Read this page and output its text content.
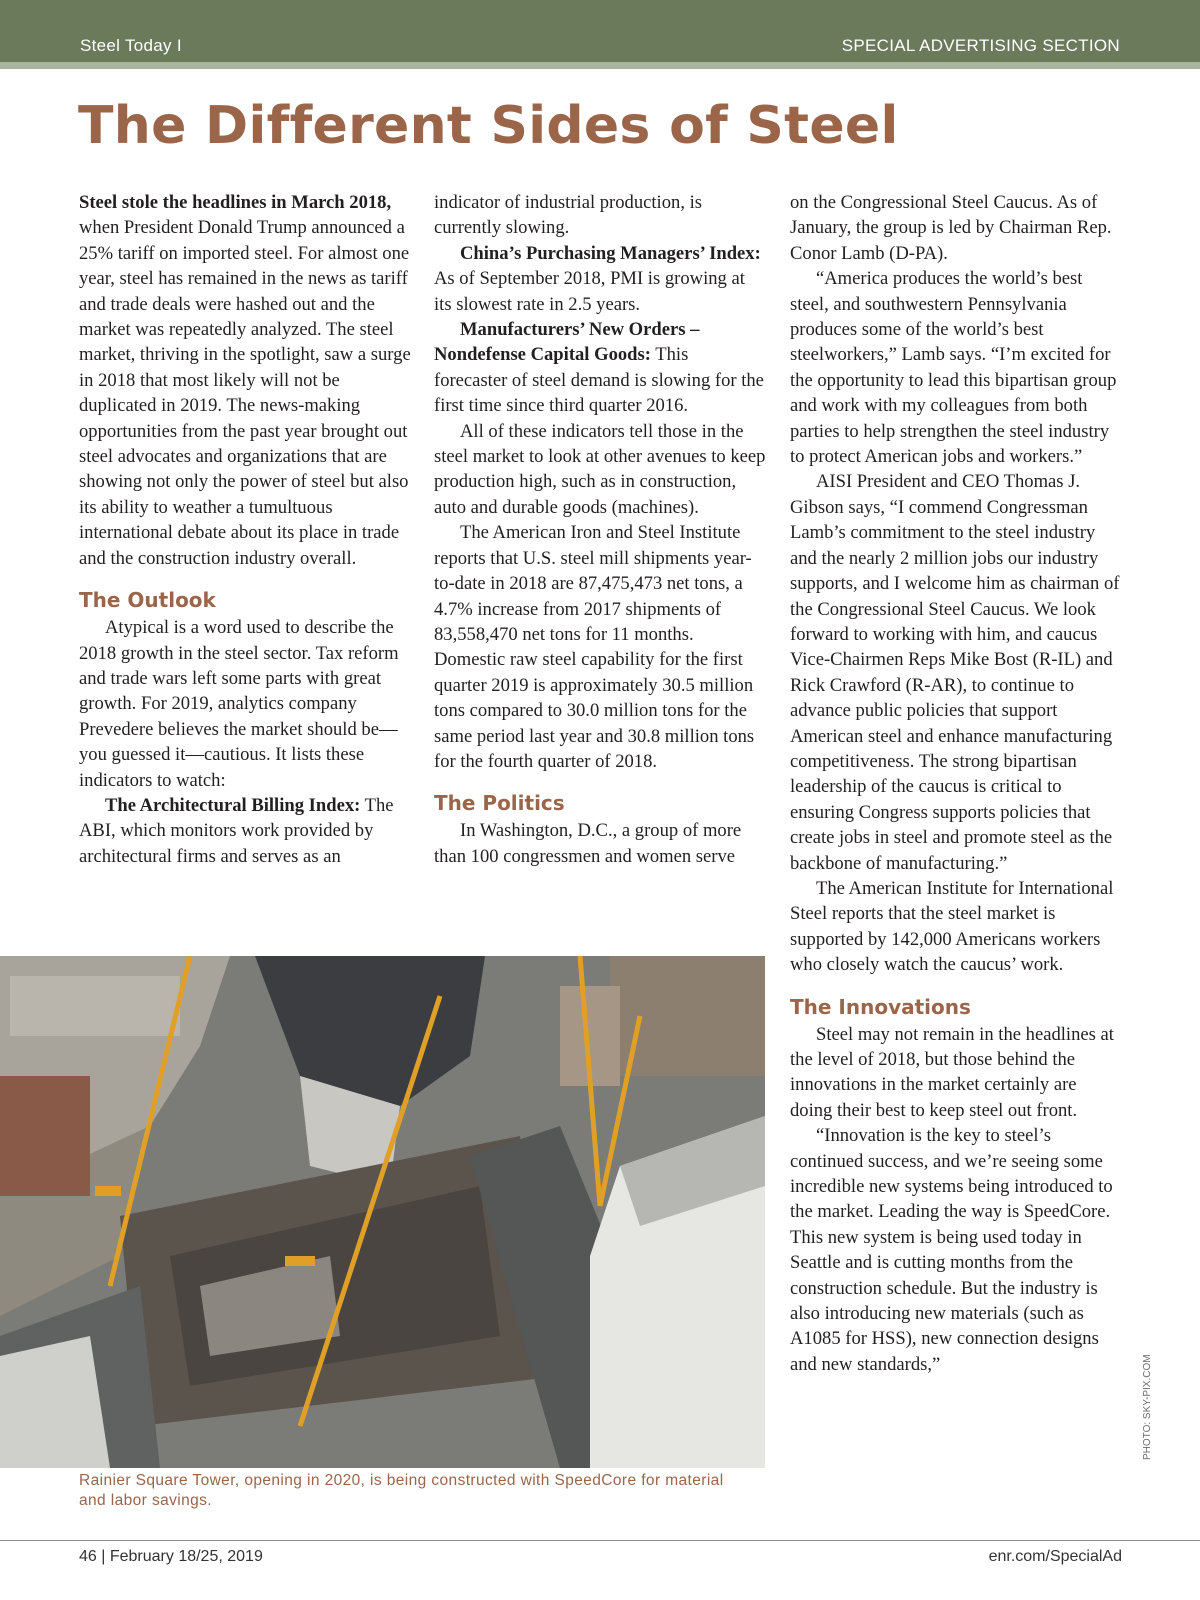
Steel Today I	SPECIAL ADVERTISING SECTION
The Different Sides of Steel

Steel stole the headlines in March 2018, when President Donald Trump announced a 25% tariff on imported steel. For almost one year, steel has remained in the news as tariff and trade deals were hashed out and the market was repeatedly analyzed. The steel market, thriving in the spotlight, saw a surge in 2018 that most likely will not be duplicated in 2019. The news-making opportunities from the past year brought out steel advocates and organizations that are showing not only the power of steel but also its ability to weather a tumultuous international debate about its place in trade and the construction industry overall.

The Outlook

Atypical is a word used to describe the 2018 growth in the steel sector. Tax reform and trade wars left some parts with great growth. For 2019, analytics company Prevedere believes the market should be—you guessed it—cautious. It lists these indicators to watch:

The Architectural Billing Index: The ABI, which monitors work provided by architectural firms and serves as an

indicator of industrial production, is currently slowing.

China’s Purchasing Managers’ Index: As of September 2018, PMI is growing at its slowest rate in 2.5 years.

Manufacturers’ New Orders – Nondefense Capital Goods: This forecaster of steel demand is slowing for the first time since third quarter 2016.

All of these indicators tell those in the steel market to look at other avenues to keep production high, such as in construction, auto and durable goods (machines).

The American Iron and Steel Institute reports that U.S. steel mill shipments year-to-date in 2018 are 87,475,473 net tons, a 4.7% increase from 2017 shipments of 83,558,470 net tons for 11 months. Domestic raw steel capability for the first quarter 2019 is approximately 30.5 million tons compared to 30.0 million tons for the same period last year and 30.8 million tons for the fourth quarter of 2018.

The Politics

In Washington, D.C., a group of more than 100 congressmen and women serve

on the Congressional Steel Caucus. As of January, the group is led by Chairman Rep. Conor Lamb (D-PA).

“America produces the world’s best steel, and southwestern Pennsylvania produces some of the world’s best steelworkers,” Lamb says. “I’m excited for the opportunity to lead this bipartisan group and work with my colleagues from both parties to help strengthen the steel industry to protect American jobs and workers.”

AISI President and CEO Thomas J. Gibson says, “I commend Congressman Lamb’s commitment to the steel industry and the nearly 2 million jobs our industry supports, and I welcome him as chairman of the Congressional Steel Caucus. We look forward to working with him, and caucus Vice-Chairmen Reps Mike Bost (R-IL) and Rick Crawford (R-AR), to continue to advance public policies that support American steel and enhance manufacturing competitiveness. The strong bipartisan leadership of the caucus is critical to ensuring Congress supports policies that create jobs in steel and promote steel as the backbone of manufacturing.”

The American Institute for International Steel reports that the steel market is supported by 142,000 Americans workers who closely watch the caucus’ work.

The Innovations

Steel may not remain in the headlines at the level of 2018, but those behind the innovations in the market certainly are doing their best to keep steel out front.

“Innovation is the key to steel’s continued success, and we’re seeing some incredible new systems being introduced to the market. Leading the way is SpeedCore. This new system is being used today in Seattle and is cutting months from the construction schedule. But the industry is also introducing new materials (such as A1085 for HSS), new connection designs and new standards,”

Rainier Square Tower, opening in 2020, is being constructed with SpeedCore for material and labor savings.
PHOTO: SKY-PIX.COM
46 | February 18/25, 2019	enr.com/SpecialAd
